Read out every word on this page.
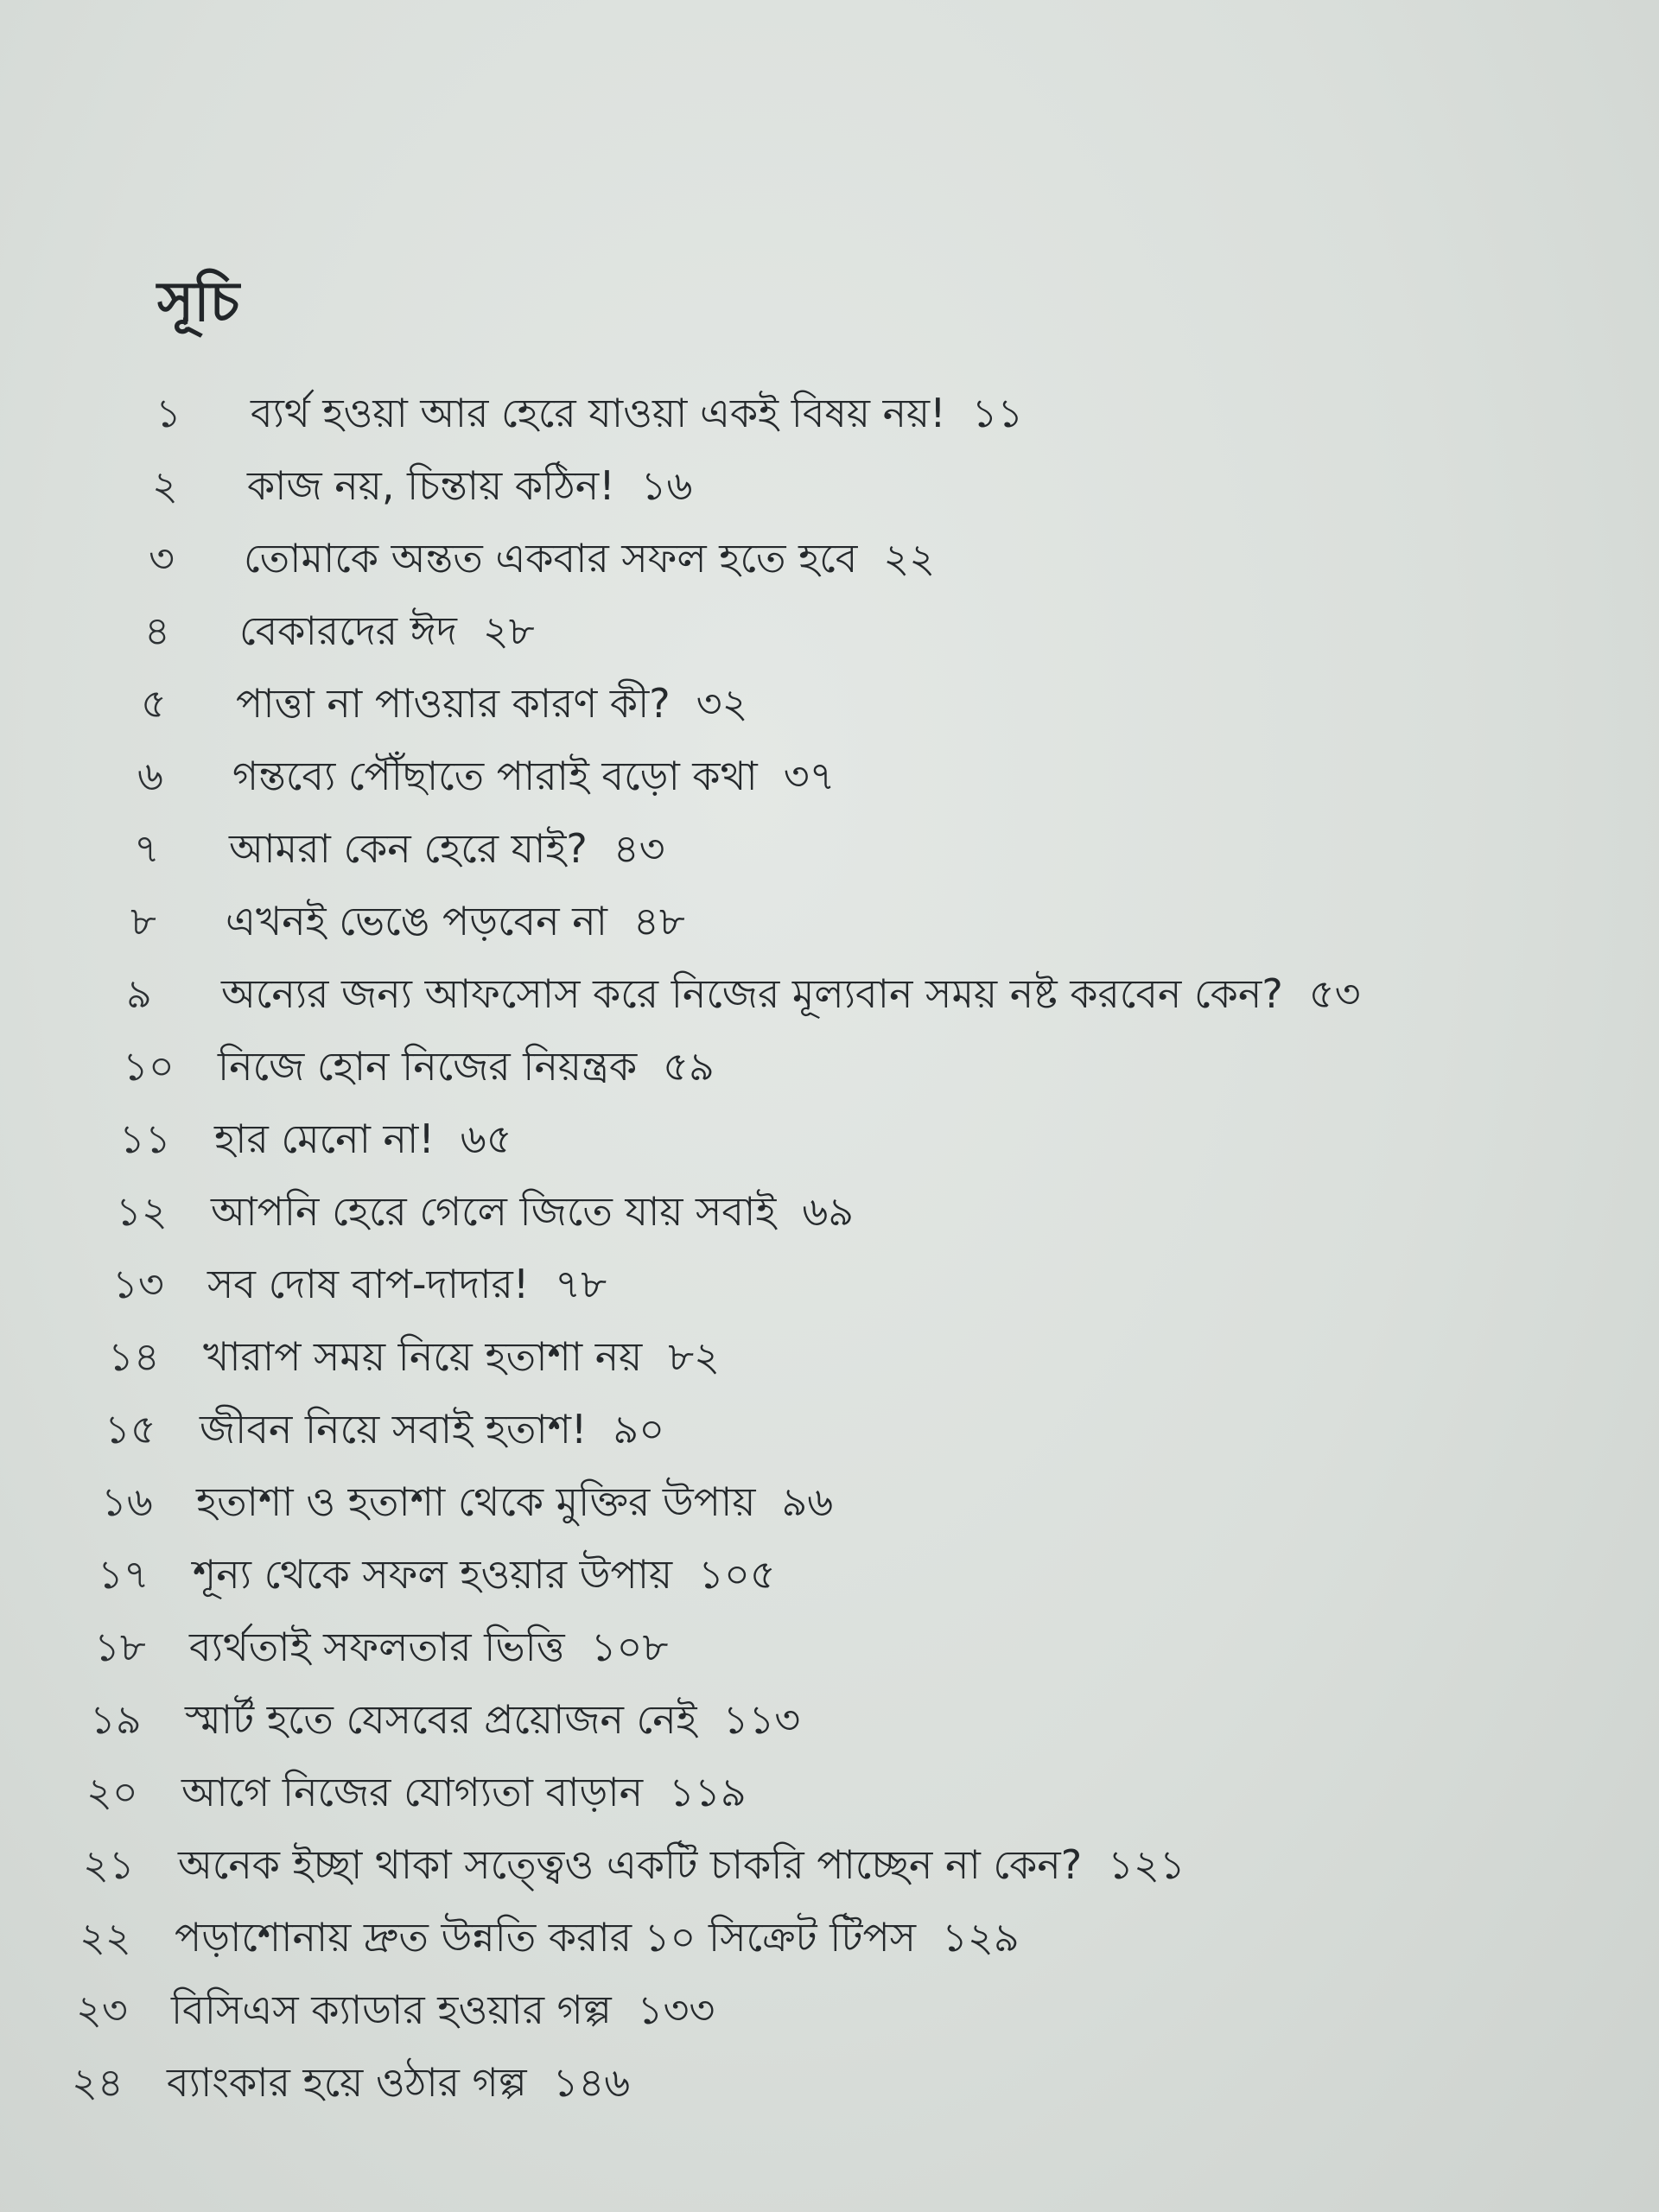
সূচি
১ ব্যর্থ হওয়া আর হেরে যাওয়া একই বিষয় নয়! ১১
২ কাজ নয়, চিন্তায় কঠিন! ১৬
৩ তোমাকে অন্তত একবার সফল হতে হবে ২২
৪ বেকারদের ঈদ ২৮
৫ পাত্তা না পাওয়ার কারণ কী? ৩২
৬ গন্তব্যে পৌঁছাতে পারাই বড়ো কথা ৩৭
৭ আমরা কেন হেরে যাই? ৪৩
৮ এখনই ভেঙে পড়বেন না ৪৮
৯ অন্যের জন্য আফসোস করে নিজের মূল্যবান সময় নষ্ট করবেন কেন? ৫৩
১০ নিজে হোন নিজের নিয়ন্ত্রক ৫৯
১১ হার মেনো না! ৬৫
১২ আপনি হেরে গেলে জিতে যায় সবাই ৬৯
১৩ সব দোষ বাপ-দাদার! ৭৮
১৪ খারাপ সময় নিয়ে হতাশা নয় ৮২
১৫ জীবন নিয়ে সবাই হতাশ! ৯০
১৬ হতাশা ও হতাশা থেকে মুক্তির উপায় ৯৬
১৭ শূন্য থেকে সফল হওয়ার উপায় ১০৫
১৮ ব্যর্থতাই সফলতার ভিত্তি ১০৮
১৯ স্মার্ট হতে যেসবের প্রয়োজন নেই ১১৩
২০ আগে নিজের যোগ্যতা বাড়ান ১১৯
২১ অনেক ইচ্ছা থাকা সত্ত্বেও একটি চাকরি পাচ্ছেন না কেন? ১২১
২২ পড়াশোনায় দ্রুত উন্নতি করার ১০ সিক্রেট টিপস ১২৯
২৩ বিসিএস ক্যাডার হওয়ার গল্প ১৩৩
২৪ ব্যাংকার হয়ে ওঠার গল্প ১৪৬
